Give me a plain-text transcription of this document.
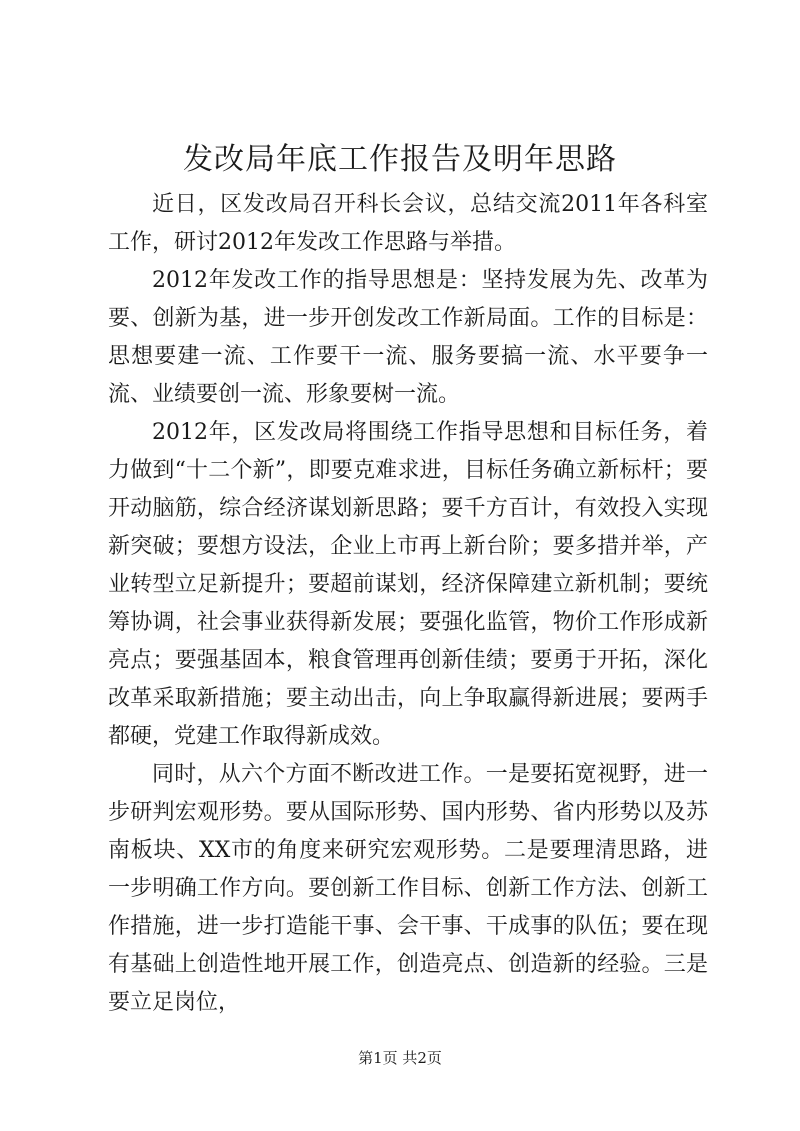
发改局年底工作报告及明年思路

近日，区发改局召开科长会议，总结交流2011年各科室工作，研讨2012年发改工作思路与举措。

2012年发改工作的指导思想是：坚持发展为先、改革为要、创新为基，进一步开创发改工作新局面。工作的目标是：思想要建一流、工作要干一流、服务要搞一流、水平要争一流、业绩要创一流、形象要树一流。

2012年，区发改局将围绕工作指导思想和目标任务，着力做到“十二个新”，即要克难求进，目标任务确立新标杆；要开动脑筋，综合经济谋划新思路；要千方百计，有效投入实现新突破；要想方设法，企业上市再上新台阶；要多措并举，产业转型立足新提升；要超前谋划，经济保障建立新机制；要统筹协调，社会事业获得新发展；要强化监管，物价工作形成新亮点；要强基固本，粮食管理再创新佳绩；要勇于开拓，深化改革采取新措施；要主动出击，向上争取赢得新进展；要两手都硬，党建工作取得新成效。

同时，从六个方面不断改进工作。一是要拓宽视野，进一步研判宏观形势。要从国际形势、国内形势、省内形势以及苏南板块、XX市的角度来研究宏观形势。二是要理清思路，进一步明确工作方向。要创新工作目标、创新工作方法、创新工作措施，进一步打造能干事、会干事、干成事的队伍；要在现有基础上创造性地开展工作，创造亮点、创造新的经验。三是要立足岗位，

第1页 共2页
